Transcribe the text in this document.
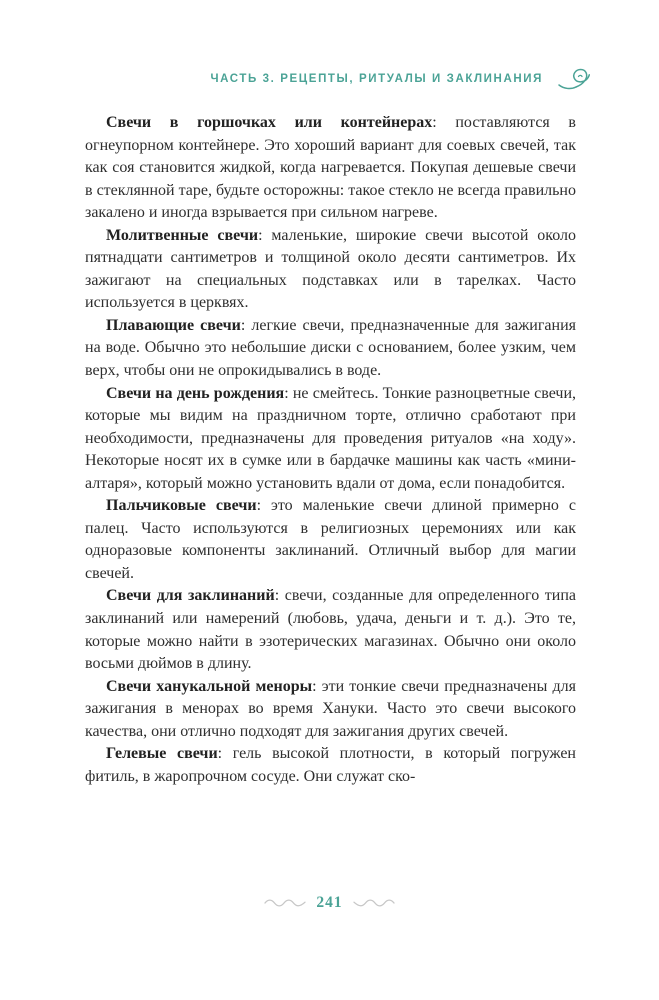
ЧАСТЬ 3. РЕЦЕПТЫ, РИТУАЛЫ И ЗАКЛИНАНИЯ

Свечи в горшочках или контейнерах: поставляются в огнеупорном контейнере. Это хороший вариант для соевых свечей, так как соя становится жидкой, когда нагревается. Покупая дешевые свечи в стеклянной таре, будьте осторожны: такое стекло не всегда правильно закалено и иногда взрывается при сильном нагреве.

Молитвенные свечи: маленькие, широкие свечи высотой около пятнадцати сантиметров и толщиной около десяти сантиметров. Их зажигают на специальных подставках или в тарелках. Часто используется в церквях.

Плавающие свечи: легкие свечи, предназначенные для зажигания на воде. Обычно это небольшие диски с основанием, более узким, чем верх, чтобы они не опрокидывались в воде.

Свечи на день рождения: не смейтесь. Тонкие разноцветные свечи, которые мы видим на праздничном торте, отлично сработают при необходимости, предназначены для проведения ритуалов «на ходу». Некоторые носят их в сумке или в бардачке машины как часть «мини-алтаря», который можно установить вдали от дома, если понадобится.

Пальчиковые свечи: это маленькие свечи длиной примерно с палец. Часто используются в религиозных церемониях или как одноразовые компоненты заклинаний. Отличный выбор для магии свечей.

Свечи для заклинаний: свечи, созданные для определенного типа заклинаний или намерений (любовь, удача, деньги и т. д.). Это те, которые можно найти в эзотерических магазинах. Обычно они около восьми дюймов в длину.

Свечи ханукальной меноры: эти тонкие свечи предназначены для зажигания в менорах во время Хануки. Часто это свечи высокого качества, они отлично подходят для зажигания других свечей.

Гелевые свечи: гель высокой плотности, в который погружен фитиль, в жаропрочном сосуде. Они служат ско-

241
